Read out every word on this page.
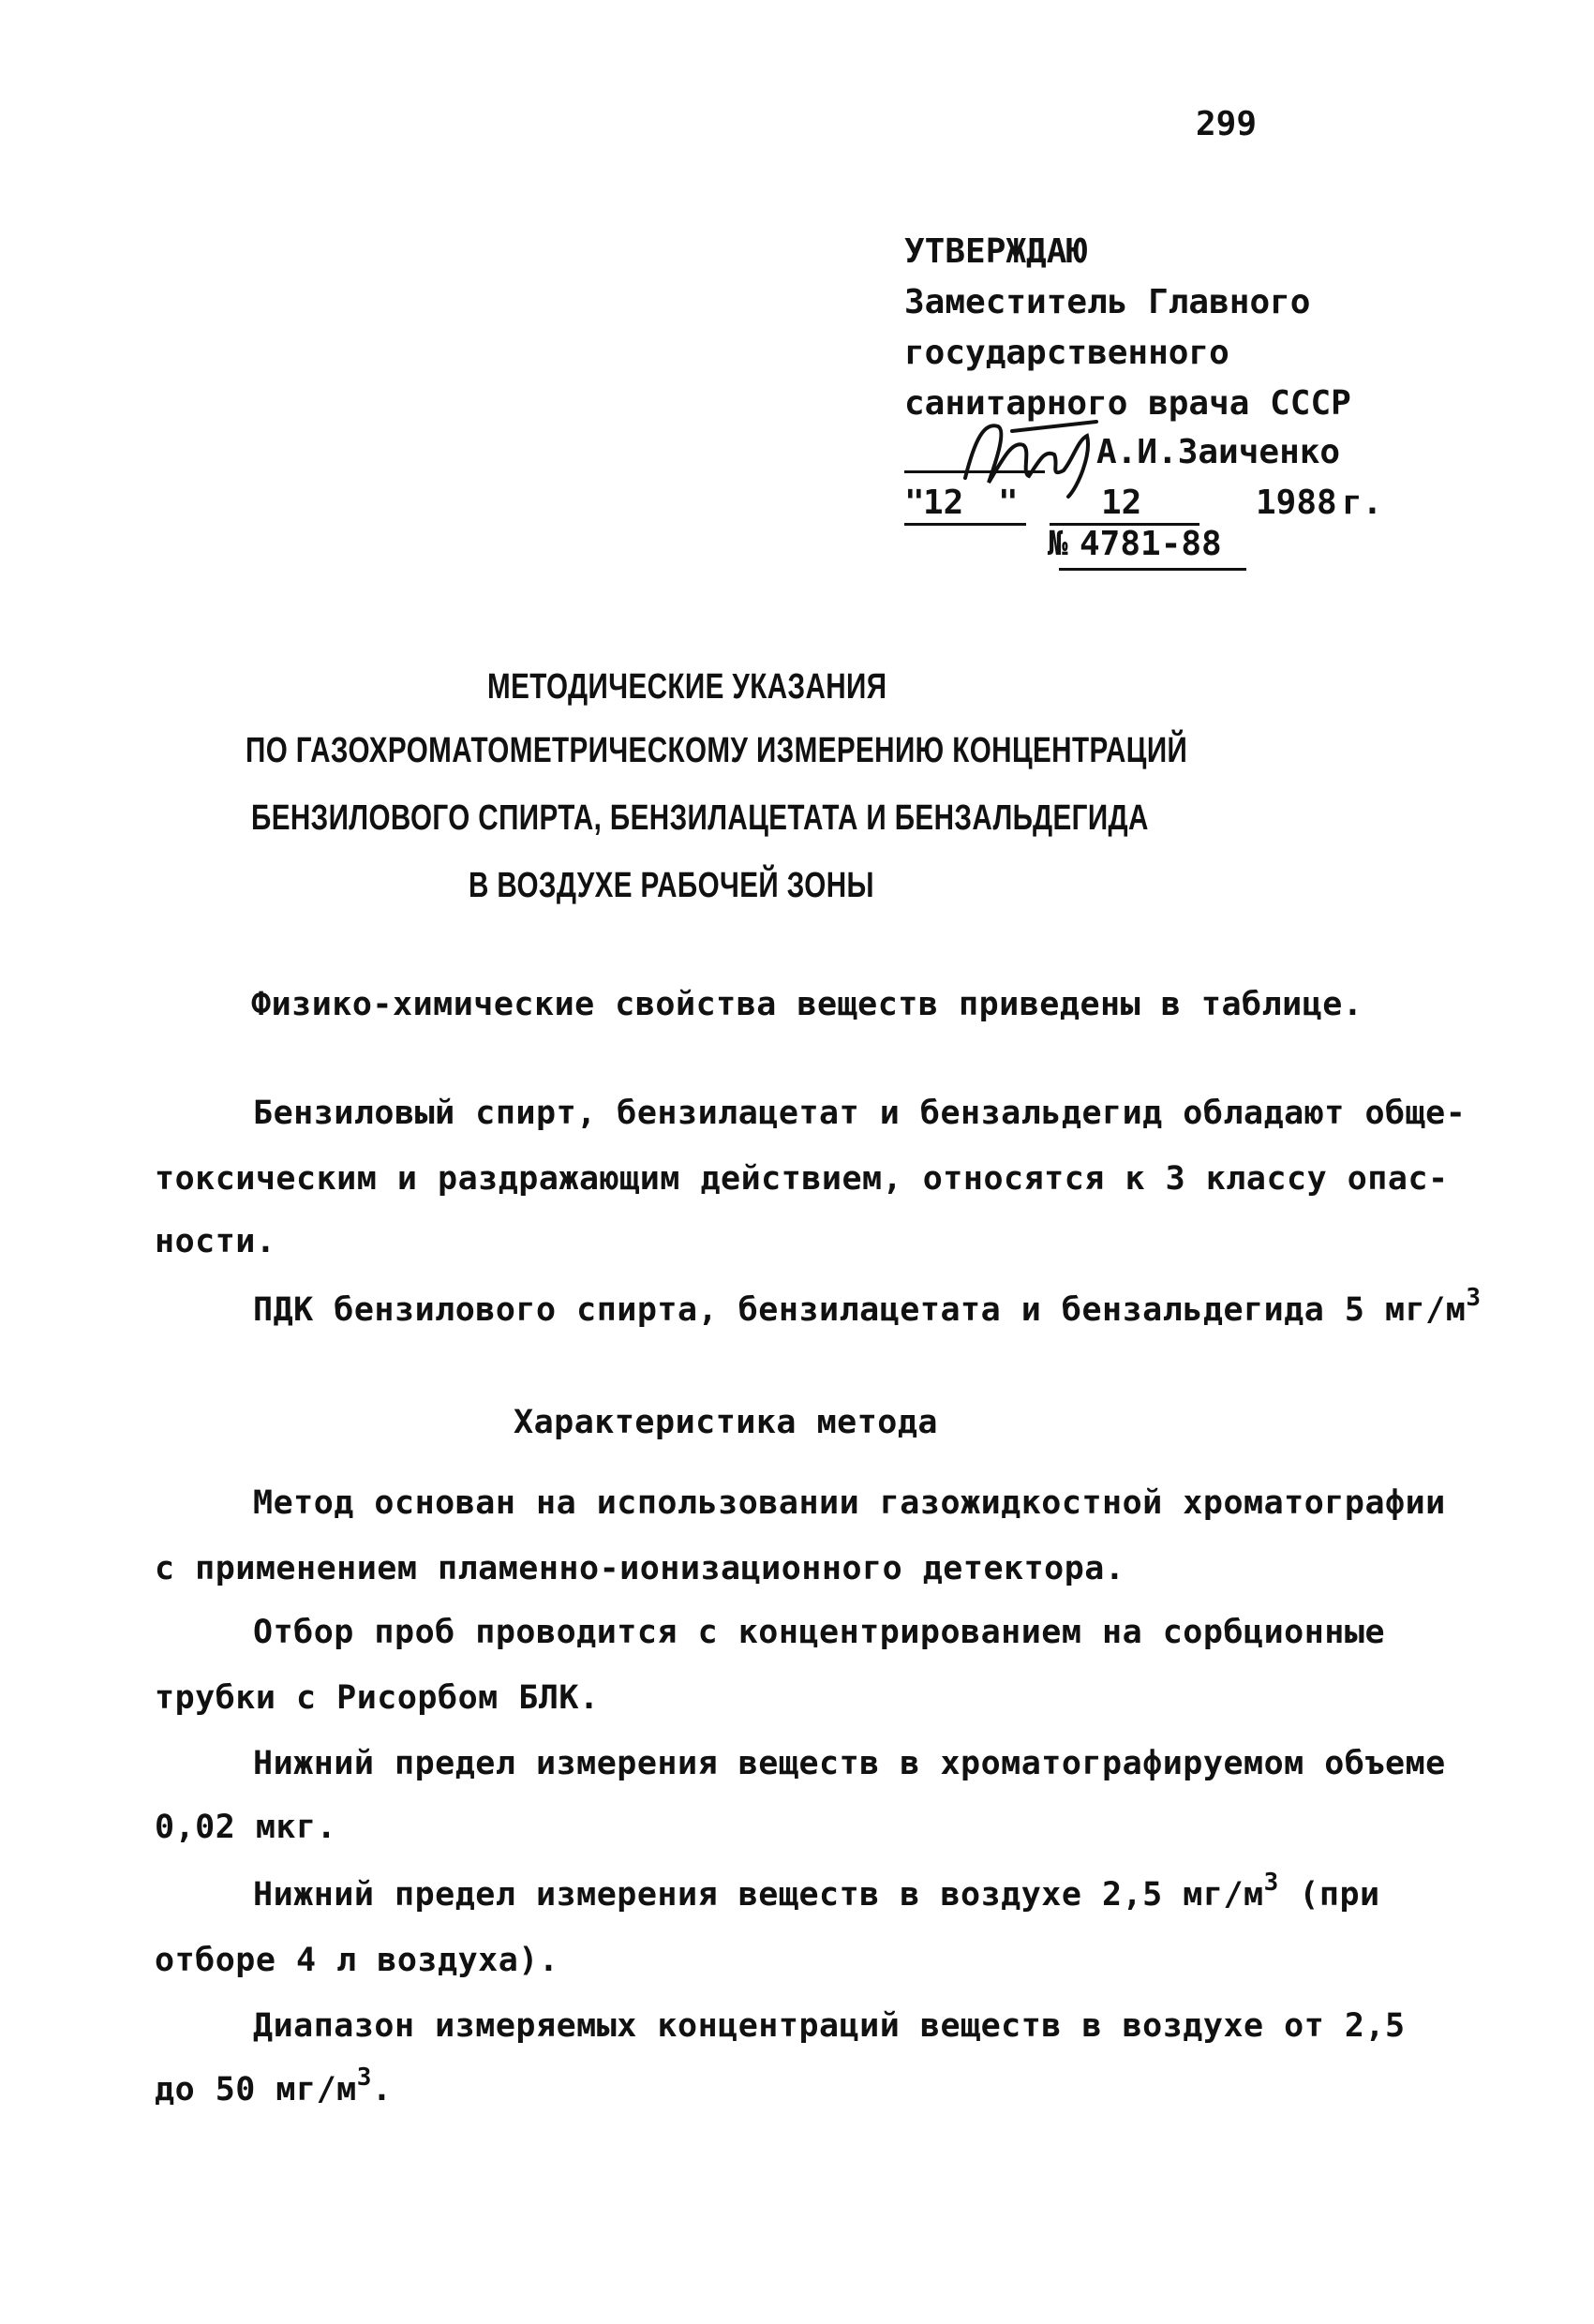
299
УТВЕРЖДАЮ
Заместитель Главного
государственного
санитарного врача СССР
А.И.Заиченко
"
12 " 12	1988 г.
№ 4781-88
МЕТОДИЧЕСКИЕ УКАЗАНИЯ
ПО ГАЗОХРОМАТОМЕТРИЧЕСКОМУ ИЗМЕРЕНИЮ КОНЦЕНТРАЦИЙ
БЕНЗИЛОВОГО СПИРТА, БЕНЗИЛАЦЕТАТА И БЕНЗАЛЬДЕГИДА
В ВОЗДУХЕ РАБОЧЕЙ ЗОНЫ
Физико-химические свойства веществ приведены в таблице.
Бензиловый спирт, бензилацетат и бензальдегид обладают обще-
токсическим и раздражающим действием, относятся к 3 классу опас-
ности.
ПДК бензилового спирта, бензилацетата и бензальдегида 5 $мг/м^3$
Характеристика метода
Метод основан на использовании газожидкостной хроматографии
с применением пламенно-ионизационного детектора.
Отбор проб проводится с концентрированием на сорбционные
трубки с Рисорбом БЛК.
Нижний предел измерения веществ в хроматографируемом объеме
0,02 мкг.
Нижний предел измерения веществ в воздухе 2,5 $мг/м^3$ (при
отборе 4 л воздуха).
Диапазон измеряемых концентраций веществ в воздухе от 2,5
до 50 $мг/м^3$.
